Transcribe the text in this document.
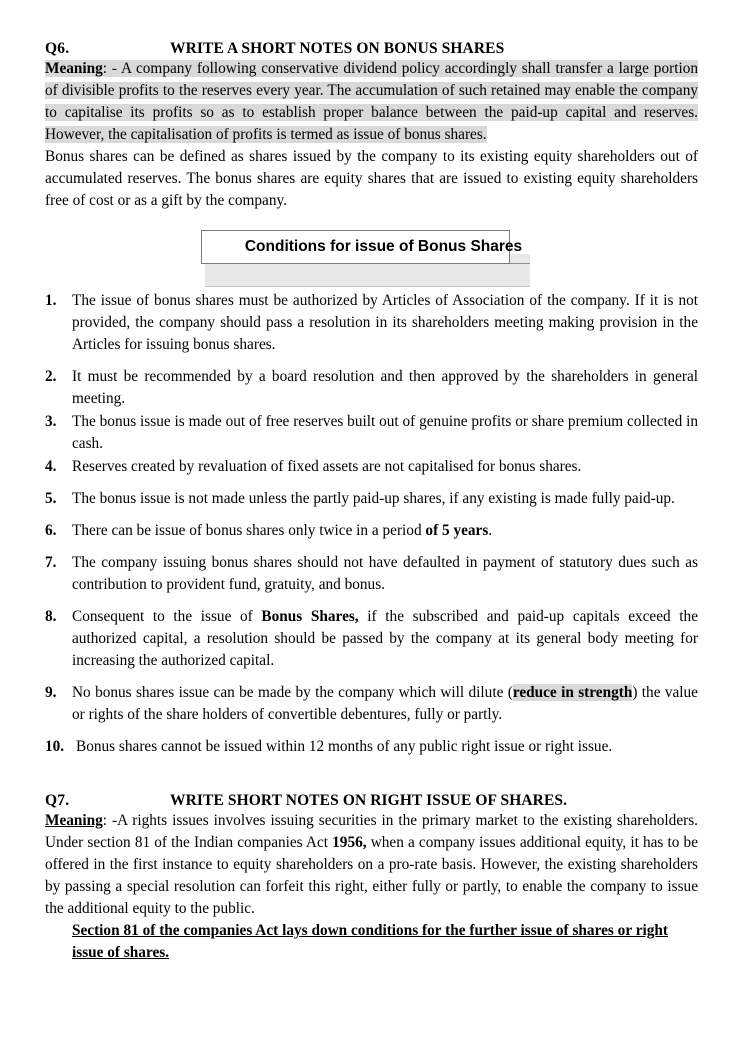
Q6.	WRITE A SHORT NOTES ON BONUS SHARES

Meaning: - A company following conservative dividend policy accordingly shall transfer a large portion of divisible profits to the reserves every year. The accumulation of such retained may enable the company to capitalise its profits so as to establish proper balance between the paid-up capital and reserves. However, the capitalisation of profits is termed as issue of bonus shares.

Bonus shares can be defined as shares issued by the company to its existing equity shareholders out of accumulated reserves. The bonus shares are equity shares that are issued to existing equity shareholders free of cost or as a gift by the company.

Conditions for issue of Bonus Shares
1.	The issue of bonus shares must be authorized by Articles of Association of the company. If it is not provided, the company should pass a resolution in its shareholders meeting making provision in the Articles for issuing bonus shares.
2.	It must be recommended by a board resolution and then approved by the shareholders in general meeting.
3.	The bonus issue is made out of free reserves built out of genuine profits or share premium collected in cash.
4.	Reserves created by revaluation of fixed assets are not capitalised for bonus shares.
5.	The bonus issue is not made unless the partly paid-up shares, if any existing is made fully paid-up.
6.	There can be issue of bonus shares only twice in a period of 5 years.
7.	The company issuing bonus shares should not have defaulted in payment of statutory dues such as contribution to provident fund, gratuity, and bonus.
8.	Consequent to the issue of Bonus Shares, if the subscribed and paid-up capitals exceed the authorized capital, a resolution should be passed by the company at its general body meeting for increasing the authorized capital.
9.	No bonus shares issue can be made by the company which will dilute (reduce in strength) the value or rights of the share holders of convertible debentures, fully or partly.
10. Bonus shares cannot be issued within 12 months of any public right issue or right issue.
Q7.	WRITE SHORT NOTES ON RIGHT ISSUE OF SHARES.

Meaning: -A rights issues involves issuing securities in the primary market to the existing shareholders. Under section 81 of the Indian companies Act 1956, when a company issues additional equity, it has to be offered in the first instance to equity shareholders on a pro-rate basis. However, the existing shareholders by passing a special resolution can forfeit this right, either fully or partly, to enable the company to issue the additional equity to the public.

Section 81 of the companies Act lays down conditions for the further issue of shares or right issue of shares.
